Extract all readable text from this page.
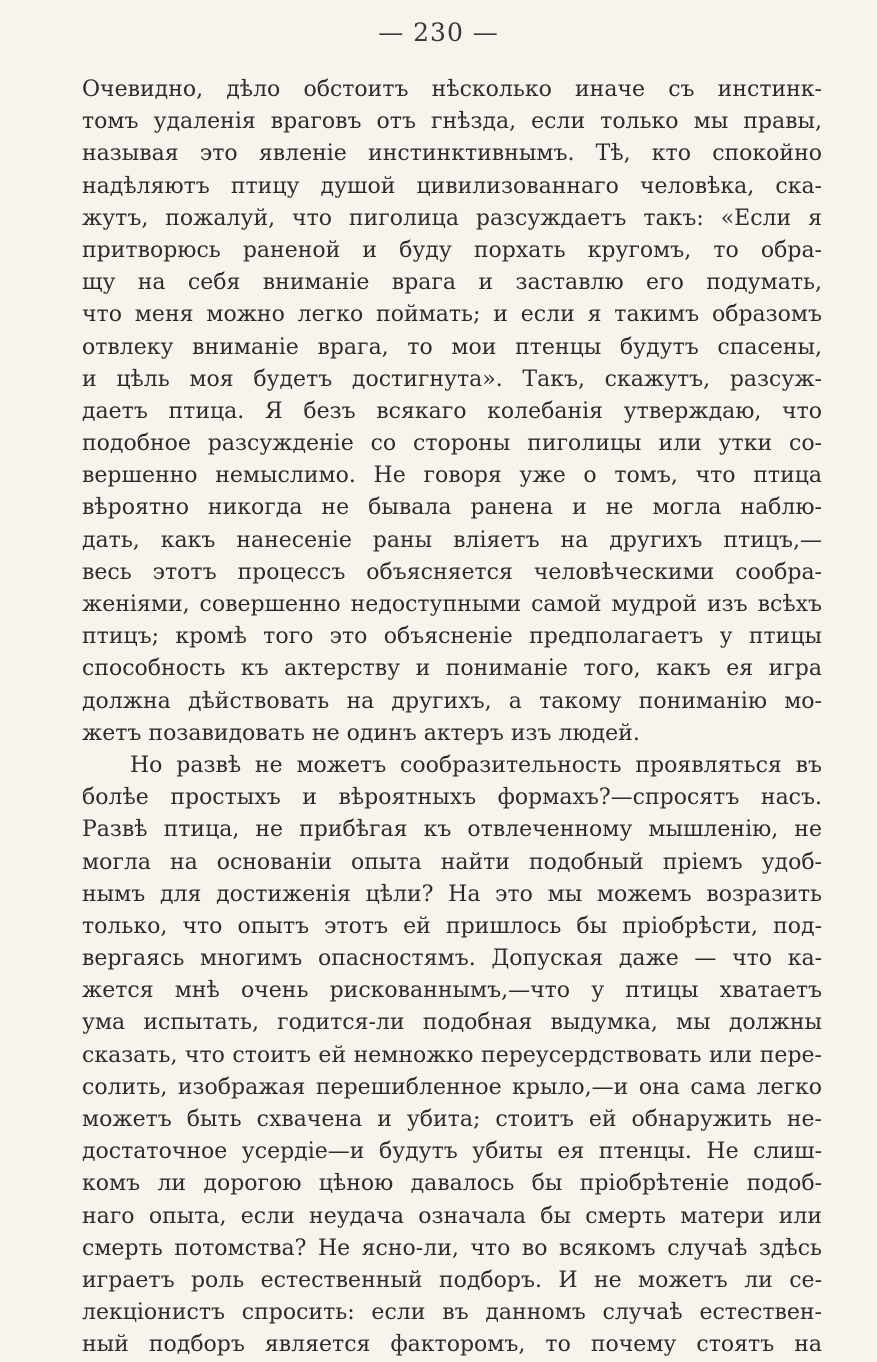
— 230 —
Очевидно, дѣло обстоитъ нѣсколько иначе съ инстинк-
томъ удаленія враговъ отъ гнѣзда, если только мы правы,
называя это явленіе инстинктивнымъ. Тѣ, кто спокойно
надѣляютъ птицу душой цивилизованнаго человѣка, ска-
жутъ, пожалуй, что пиголица разсуждаетъ такъ: «Если я
притворюсь раненой и буду порхать кругомъ, то обра-
щу на себя вниманіе врага и заставлю его подумать,
что меня можно легко поймать; и если я такимъ образомъ
отвлеку вниманіе врага, то мои птенцы будутъ спасены,
и цѣль моя будетъ достигнута». Такъ, скажутъ, разсуж-
даетъ птица. Я безъ всякаго колебанія утверждаю, что
подобное разсужденіе со стороны пиголицы или утки со-
вершенно немыслимо. Не говоря уже о томъ, что птица
вѣроятно никогда не бывала ранена и не могла наблю-
дать, какъ нанесеніе раны вліяетъ на другихъ птицъ,—
весь этотъ процессъ объясняется человѣческими сообра-
женіями, совершенно недоступными самой мудрой изъ всѣхъ
птицъ; кромѣ того это объясненіе предполагаетъ у птицы
способность къ актерству и пониманіе того, какъ ея игра
должна дѣйствовать на другихъ, а такому пониманію мо-
жетъ позавидовать не одинъ актеръ изъ людей.
Но развѣ не можетъ сообразительность проявляться въ
болѣе простыхъ и вѣроятныхъ формахъ?—спросятъ насъ.
Развѣ птица, не прибѣгая къ отвлеченному мышленію, не
могла на основаніи опыта найти подобный пріемъ удоб-
нымъ для достиженія цѣли? На это мы можемъ возразить
только, что опытъ этотъ ей пришлось бы пріобрѣсти, под-
вергаясь многимъ опасностямъ. Допуская даже — что ка-
жется мнѣ очень рискованнымъ,—что у птицы хватаетъ
ума испытать, годится-ли подобная выдумка, мы должны
сказать, что стоитъ ей немножко переусердствовать или пере-
солить, изображая перешибленное крыло,—и она сама легко
можетъ быть схвачена и убита; стоитъ ей обнаружить не-
достаточное усердіе—и будутъ убиты ея птенцы. Не слиш-
комъ ли дорогою цѣною давалось бы пріобрѣтеніе подоб-
наго опыта, если неудача означала бы смерть матери или
смерть потомства? Не ясно-ли, что во всякомъ случаѣ здѣсь
играетъ роль естественный подборъ. И не можетъ ли се-
лекціонистъ спросить: если въ данномъ случаѣ естествен-
ный подборъ является факторомъ, то почему стоятъ на
